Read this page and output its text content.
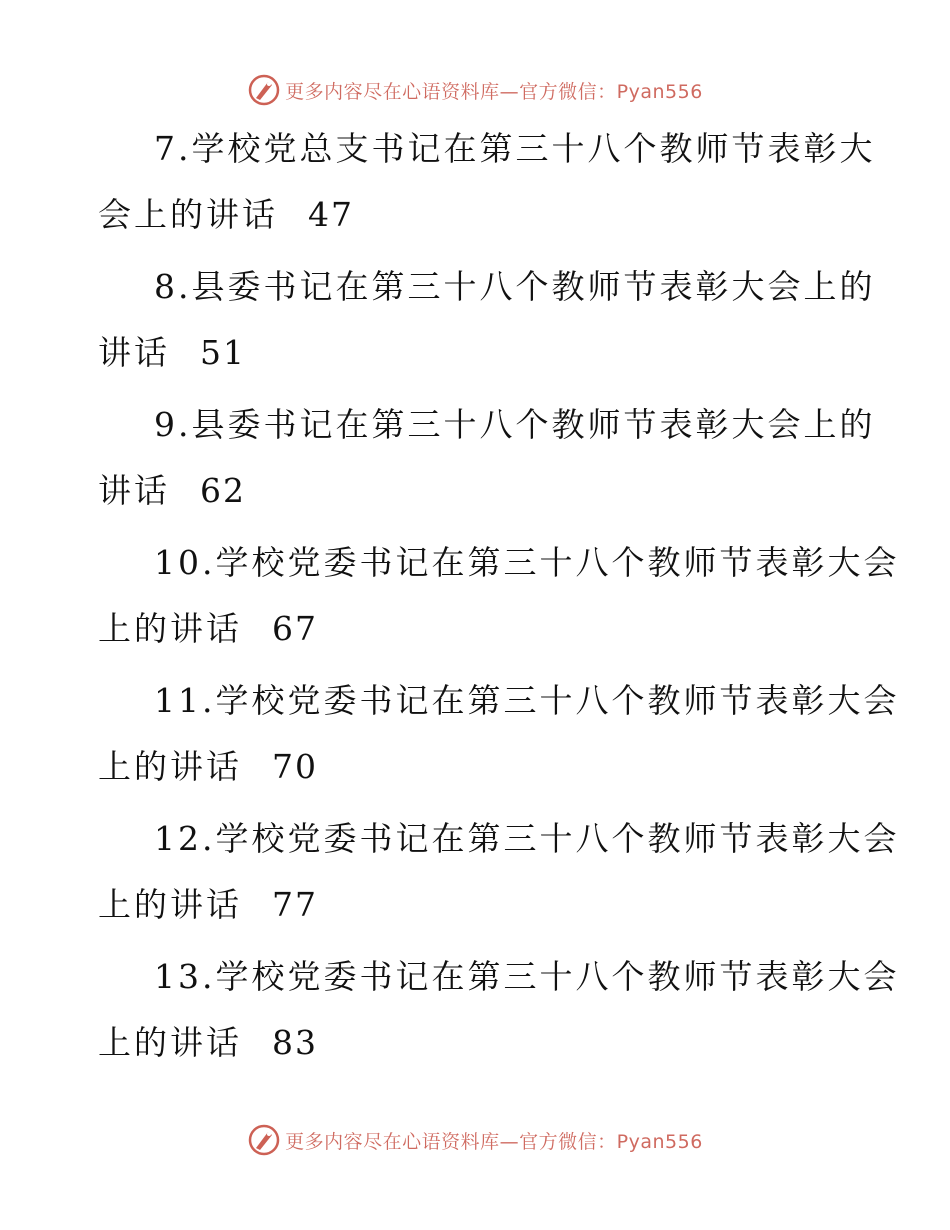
更多内容尽在心语资料库—官方微信：Pyan556
7.学校党总支书记在第三十八个教师节表彰大
会上的讲话 47
8.县委书记在第三十八个教师节表彰大会上的
讲话 51
9.县委书记在第三十八个教师节表彰大会上的
讲话 62
10.学校党委书记在第三十八个教师节表彰大会
上的讲话 67
11.学校党委书记在第三十八个教师节表彰大会
上的讲话 70
12.学校党委书记在第三十八个教师节表彰大会
上的讲话 77
13.学校党委书记在第三十八个教师节表彰大会
上的讲话 83
更多内容尽在心语资料库—官方微信：Pyan556
